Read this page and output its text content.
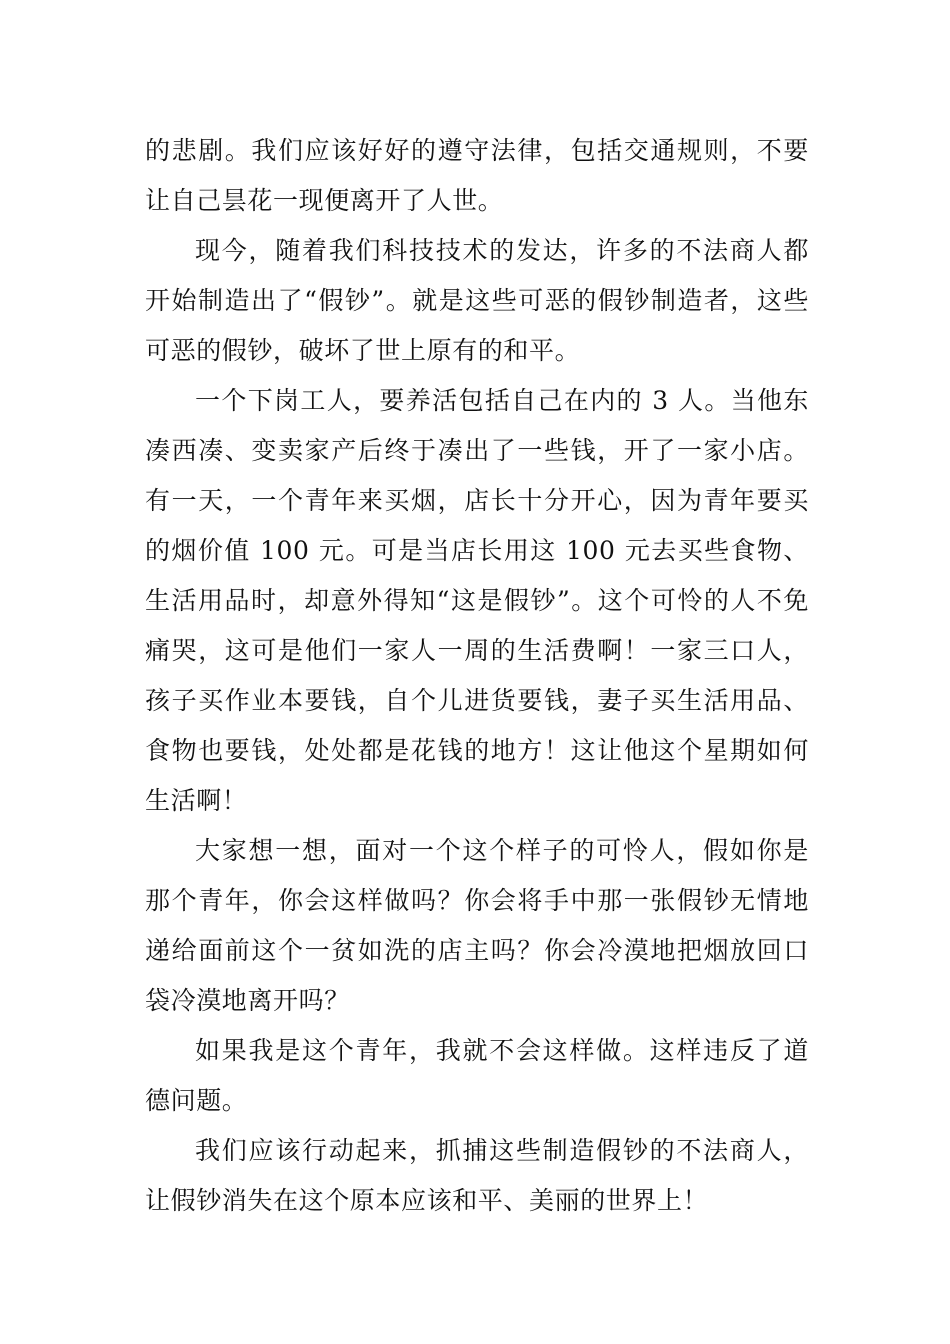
的悲剧。我们应该好好的遵守法律，包括交通规则，不要让自己昙花一现便离开了人世。

现今，随着我们科技技术的发达，许多的不法商人都开始制造出了“假钞”。就是这些可恶的假钞制造者，这些可恶的假钞，破坏了世上原有的和平。

一个下岗工人，要养活包括自己在内的 3 人。当他东凑西凑、变卖家产后终于凑出了一些钱，开了一家小店。有一天，一个青年来买烟，店长十分开心，因为青年要买的烟价值 100 元。可是当店长用这 100 元去买些食物、生活用品时，却意外得知“这是假钞”。这个可怜的人不免痛哭，这可是他们一家人一周的生活费啊！一家三口人，孩子买作业本要钱，自个儿进货要钱，妻子买生活用品、食物也要钱，处处都是花钱的地方！这让他这个星期如何生活啊！

大家想一想，面对一个这个样子的可怜人，假如你是那个青年，你会这样做吗？你会将手中那一张假钞无情地递给面前这个一贫如洗的店主吗？你会冷漠地把烟放回口袋冷漠地离开吗？

如果我是这个青年，我就不会这样做。这样违反了道德问题。

我们应该行动起来，抓捕这些制造假钞的不法商人，让假钞消失在这个原本应该和平、美丽的世界上！
